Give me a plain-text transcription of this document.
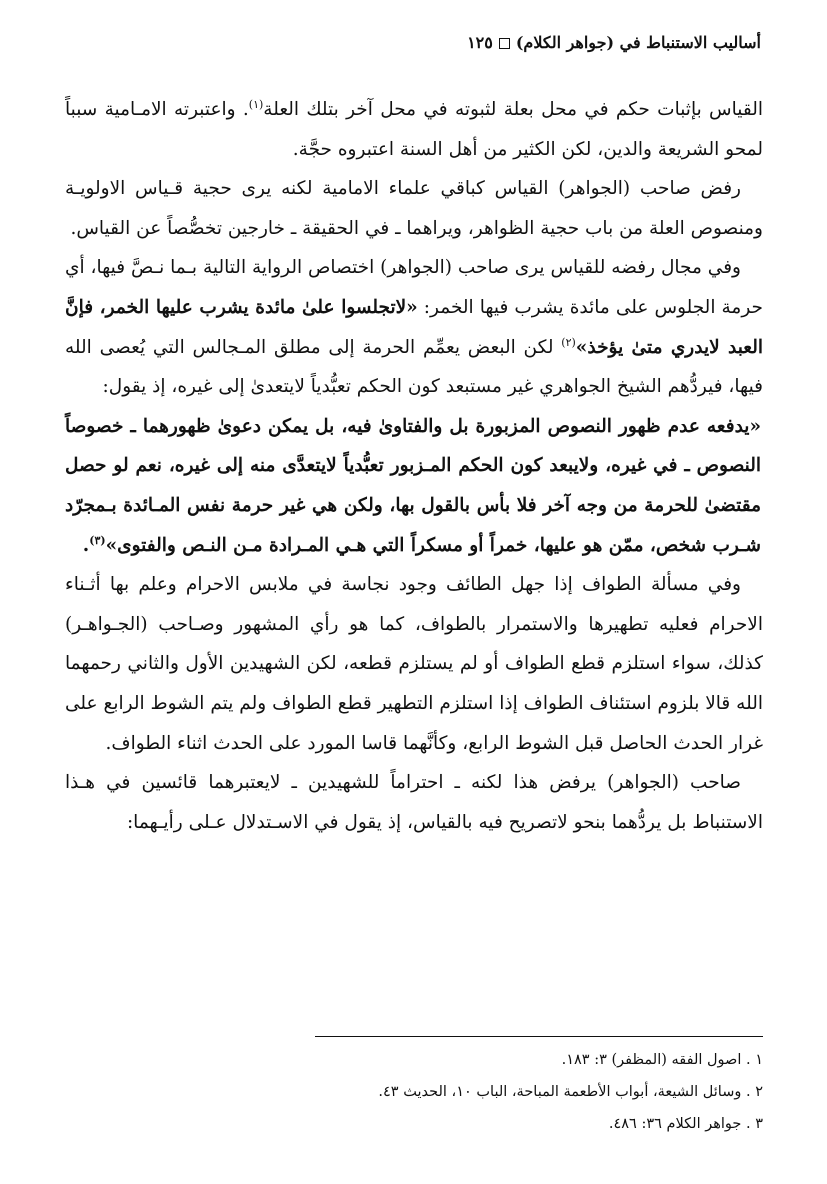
أساليب الاستنباط في (جواهر الكلام)١٢٥

القياس بإثبات حكم في محل بعلة لثبوته في محل آخر بتلك العلة$^{(١)}$. واعتبرته الامـامية سبباً لمحو الشريعة والدين، لكن الكثير من أهل السنة اعتبروه حجَّة.

رفض صاحب (الجواهر) القياس كباقي علماء الامامية لكنه يرى حجية قـياس الاولويـة ومنصوص العلة من باب حجية الظواهر، ويراهما ـ في الحقيقة ـ خارجين تخصُّصاً عن القياس.

وفي مجال رفضه للقياس يرى صاحب (الجواهر) اختصاص الرواية التالية بـما نـصَّ فيها، أي حرمة الجلوس على مائدة يشرب فيها الخمر: «لاتجلسوا علىٰ مائدة يشرب عليها الخمر، فإنَّ العبد لايدري متىٰ يؤخذ»$^{(٢)}$ لكن البعض يعمِّم الحرمة إلى مطلق المـجالس التي يُعصى الله فيها، فيردُّهم الشيخ الجواهري غير مستبعد كون الحكم تعبُّدياً لايتعدىٰ إلى غيره، إذ يقول:

«يدفعه عدم ظهور النصوص المزبورة بل والفتاوىٰ فيه، بل يمكن دعوىٰ ظهورهما ـ خصوصاً النصوص ـ في غيره، ولايبعد كون الحكم المـزبور تعبُّدياً لايتعدَّى منه إلى غيره، نعم لو حصل مقتضىٰ للحرمة من وجه آخر فلا بأس بالقول بها، ولكن هي غير حرمة نفس المـائدة بـمجرّد شـرب شخص، ممّن هو عليها، خمراً أو مسكراً التي هـي المـرادة مـن النـص والفتوى»$^{(٣)}$.

وفي مسألة الطواف إذا جهل الطائف وجود نجاسة في ملابس الاحرام وعلم بها أثـناء الاحرام فعليه تطهيرها والاستمرار بالطواف، كما هو رأي المشهور وصـاحب (الجـواهـر) كذلك، سواء استلزم قطع الطواف أو لم يستلزم قطعه، لكن الشهيدين الأول والثاني رحمهما الله قالا بلزوم استئناف الطواف إذا استلزم التطهير قطع الطواف ولم يتم الشوط الرابع على غرار الحدث الحاصل قبل الشوط الرابع، وكأنَّهما قاسا المورد على الحدث اثناء الطواف.

صاحب (الجواهر) يرفض هذا لكنه ـ احتراماً للشهيدين ـ لايعتبرهما قائسين في هـذا الاستنباط بل يردُّهما بنحو لاتصريح فيه بالقياس، إذ يقول في الاسـتدلال عـلى رأيـهما:

١ . اصول الفقه (المظفر) ٣: ١٨٣.
٢ . وسائل الشيعة، أبواب الأطعمة المباحة، الباب ١٠، الحديث ٤٣.
٣ . جواهر الكلام ٣٦: ٤٨٦.
